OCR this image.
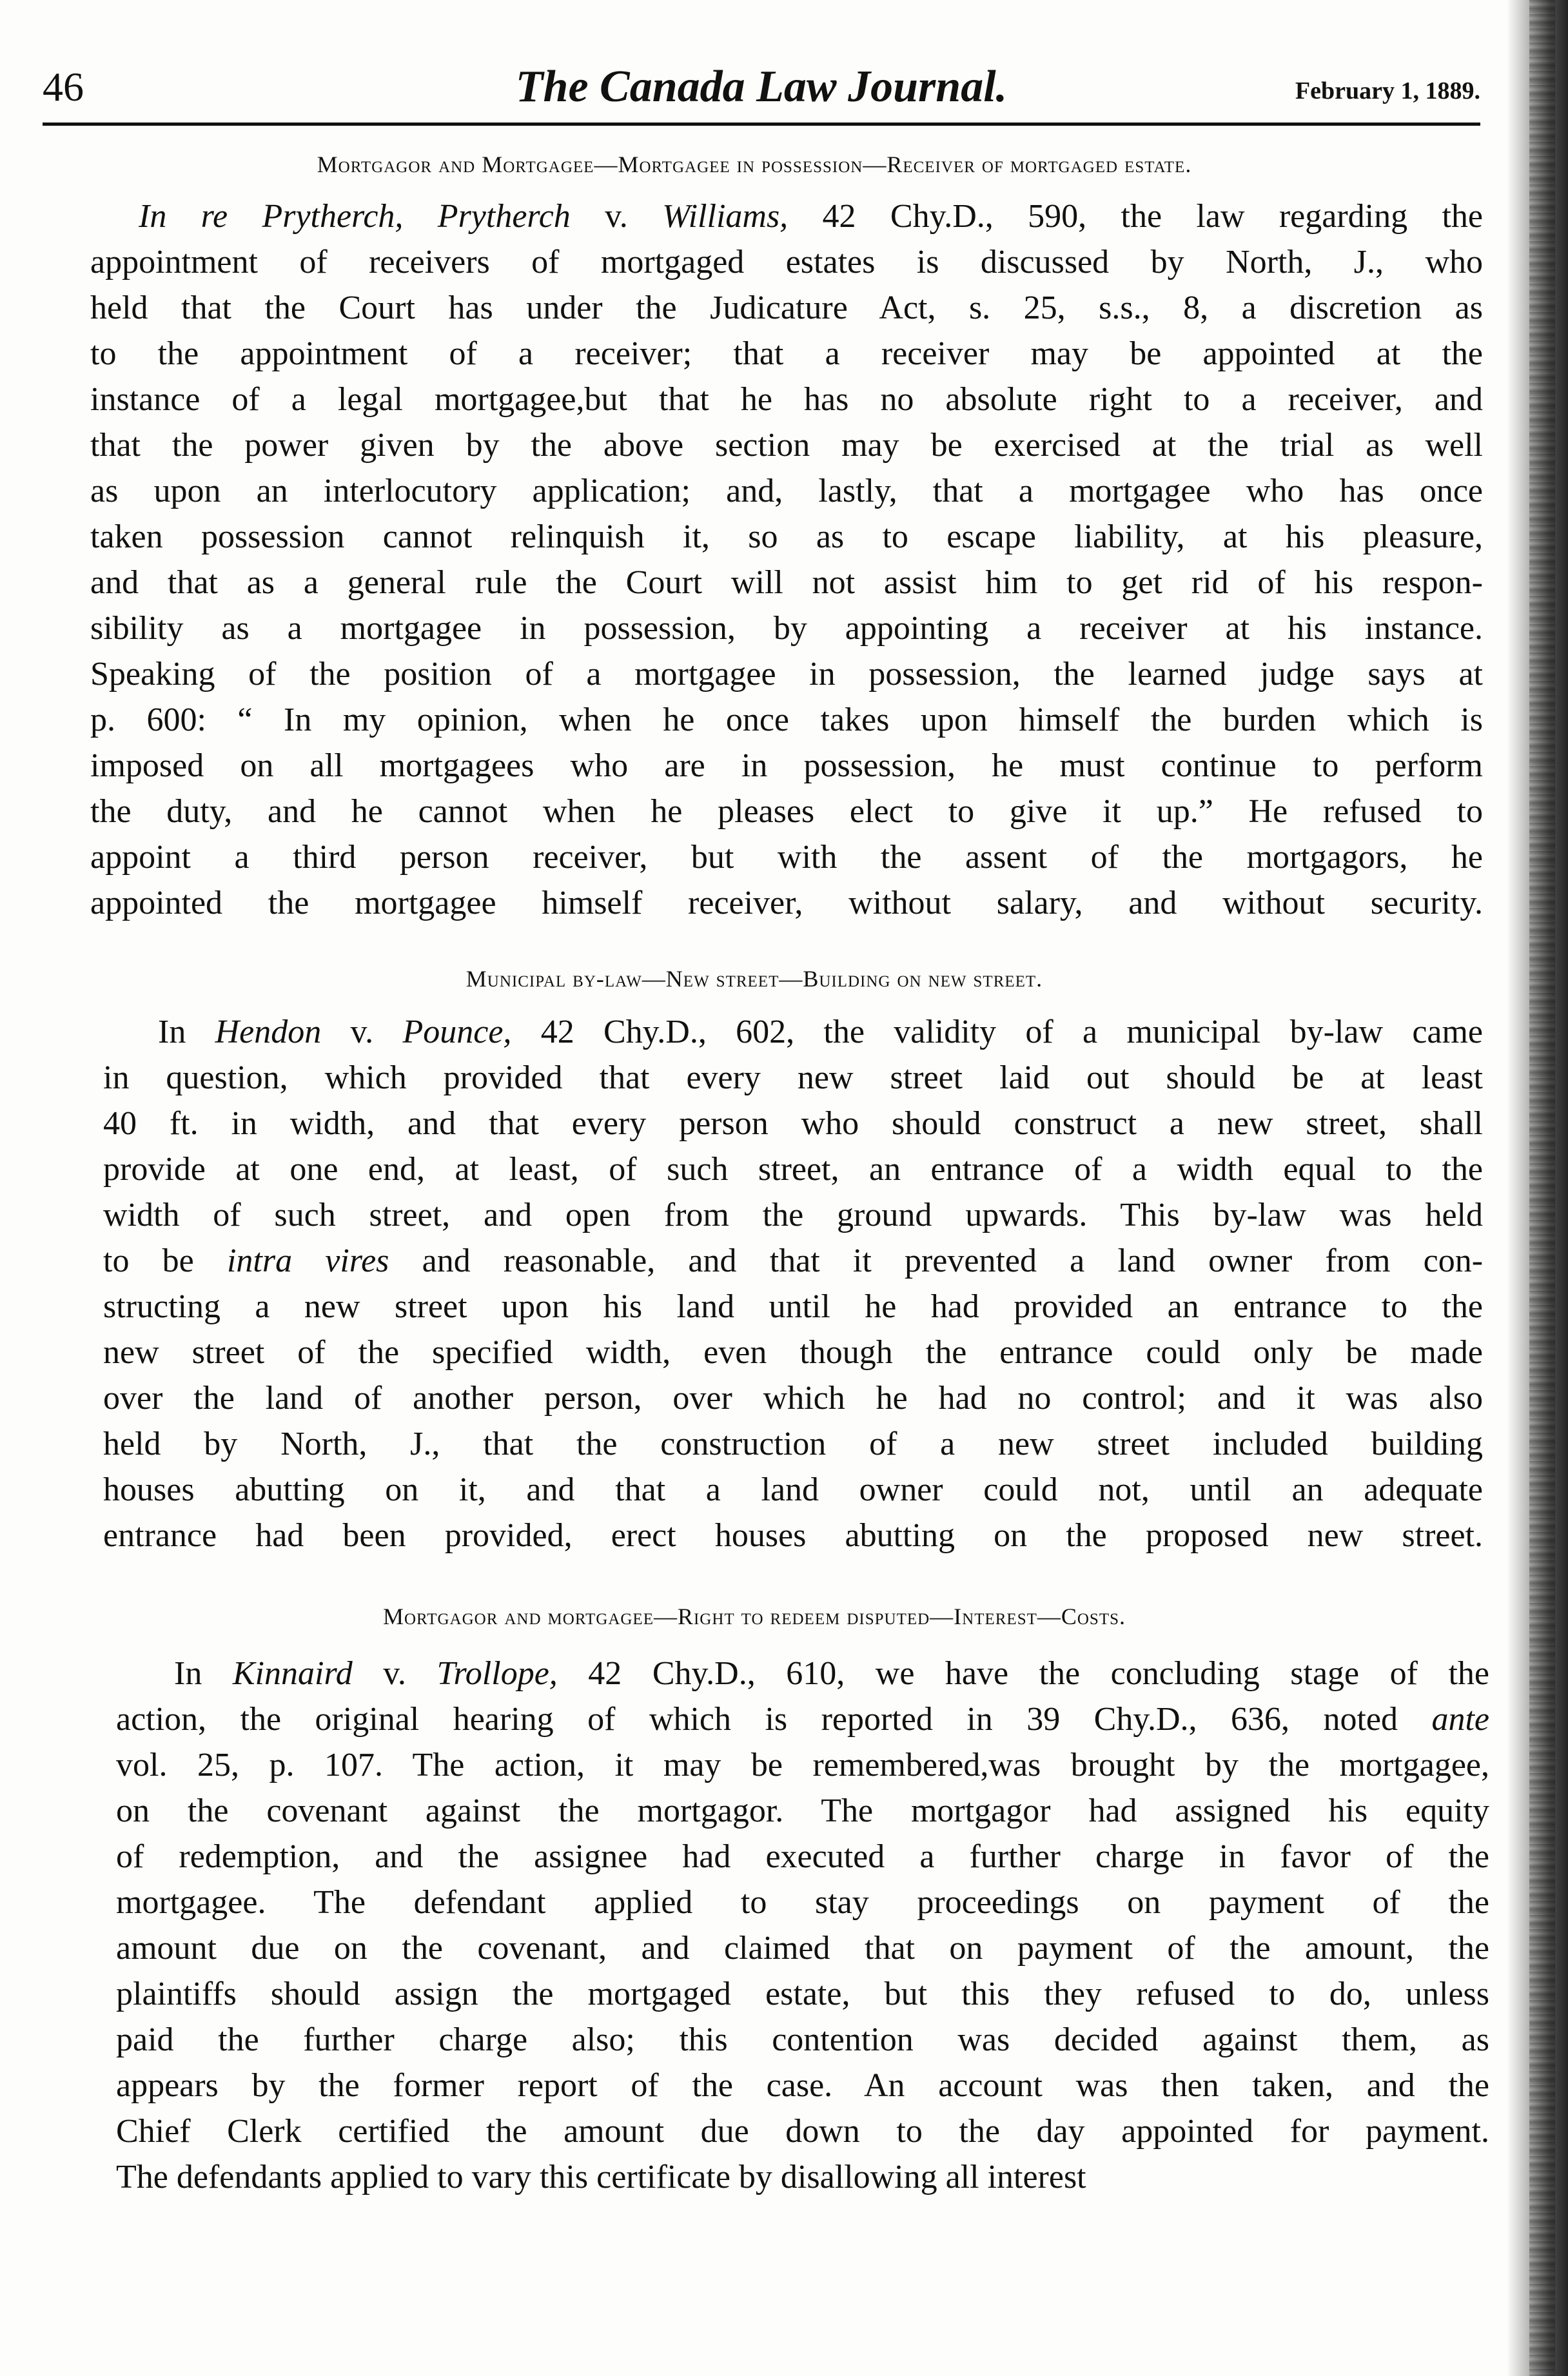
46	The Canada Law Journal.	February 1, 1889.
Mortgagor and Mortgagee—Mortgagee in possession—Receiver of mortgaged estate.
In re Prytherch, Prytherch v. Williams, 42 Chy.D., 590, the law regarding the
appointment of receivers of mortgaged estates is discussed by North, J., who
held that the Court has under the Judicature Act, s. 25, s.s., 8, a discretion as
to the appointment of a receiver; that a receiver may be appointed at the
instance of a legal mortgagee,but that he has no absolute right to a receiver, and
that the power given by the above section may be exercised at the trial as well
as upon an interlocutory application; and, lastly, that a mortgagee who has once
taken possession cannot relinquish it, so as to escape liability, at his pleasure,
and that as a general rule the Court will not assist him to get rid of his respon-
sibility as a mortgagee in possession, by appointing a receiver at his instance.
Speaking of the position of a mortgagee in possession, the learned judge says at
p. 600: “ In my opinion, when he once takes upon himself the burden which is
imposed on all mortgagees who are in possession, he must continue to perform
the duty, and he cannot when he pleases elect to give it up.” He refused to
appoint a third person receiver, but with the assent of the mortgagors, he
appointed the mortgagee himself receiver, without salary, and without security.
Municipal by-law—New street—Building on new street.
In Hendon v. Pounce, 42 Chy.D., 602, the validity of a municipal by-law came
in question, which provided that every new street laid out should be at least
40 ft. in width, and that every person who should construct a new street, shall
provide at one end, at least, of such street, an entrance of a width equal to the
width of such street, and open from the ground upwards. This by-law was held
to be intra vires and reasonable, and that it prevented a land owner from con-
structing a new street upon his land until he had provided an entrance to the
new street of the specified width, even though the entrance could only be made
over the land of another person, over which he had no control; and it was also
held by North, J., that the construction of a new street included building
houses abutting on it, and that a land owner could not, until an adequate
entrance had been provided, erect houses abutting on the proposed new street.
Mortgagor and mortgagee—Right to redeem disputed—Interest—Costs.
In Kinnaird v. Trollope, 42 Chy.D., 610, we have the concluding stage of the
action, the original hearing of which is reported in 39 Chy.D., 636, noted ante
vol. 25, p. 107. The action, it may be remembered,was brought by the mortgagee,
on the covenant against the mortgagor. The mortgagor had assigned his equity
of redemption, and the assignee had executed a further charge in favor of the
mortgagee. The defendant applied to stay proceedings on payment of the
amount due on the covenant, and claimed that on payment of the amount, the
plaintiffs should assign the mortgaged estate, but this they refused to do, unless
paid the further charge also; this contention was decided against them, as
appears by the former report of the case. An account was then taken, and the
Chief Clerk certified the amount due down to the day appointed for payment.
The defendants applied to vary this certificate by disallowing all interest
